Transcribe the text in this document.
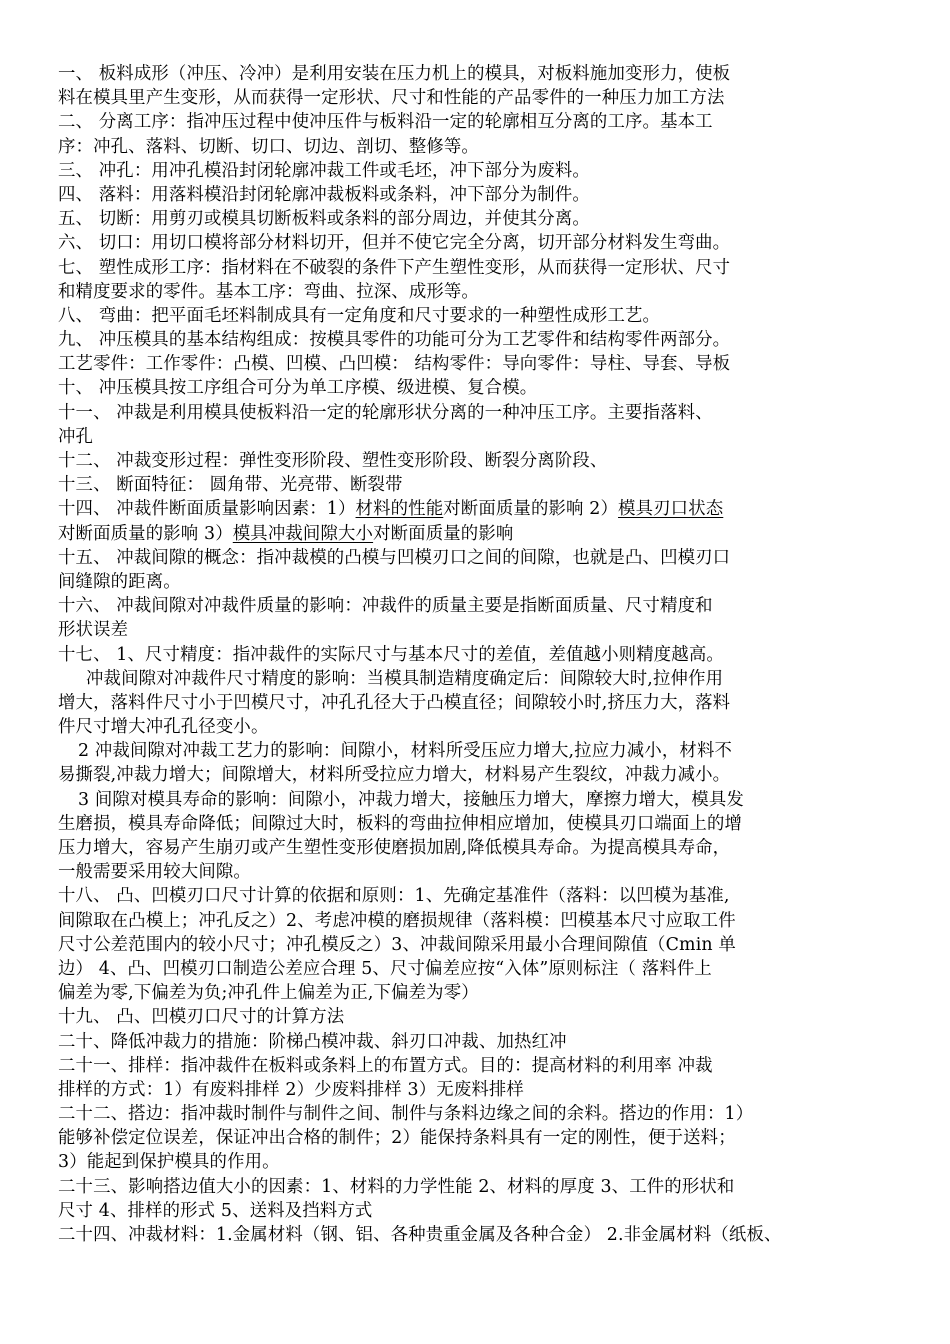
一、 板料成形（冲压、冷冲）是利用安装在压力机上的模具，对板料施加变形力，使板
料在模具里产生变形，从而获得一定形状、尺寸和性能的产品零件的一种压力加工方法
二、 分离工序：指冲压过程中使冲压件与板料沿一定的轮廓相互分离的工序。基本工
序：冲孔、落料、切断、切口、切边、剖切、整修等。
三、 冲孔：用冲孔模沿封闭轮廓冲裁工件或毛坯，冲下部分为废料。
四、 落料：用落料模沿封闭轮廓冲裁板料或条料，冲下部分为制件。
五、 切断：用剪刃或模具切断板料或条料的部分周边，并使其分离。
六、 切口：用切口模将部分材料切开，但并不使它完全分离，切开部分材料发生弯曲。
七、 塑性成形工序：指材料在不破裂的条件下产生塑性变形，从而获得一定形状、尺寸
和精度要求的零件。基本工序：弯曲、拉深、成形等。
八、 弯曲：把平面毛坯料制成具有一定角度和尺寸要求的一种塑性成形工艺。
九、 冲压模具的基本结构组成：按模具零件的功能可分为工艺零件和结构零件两部分。
工艺零件：工作零件：凸模、凹模、凸凹模： 结构零件：导向零件：导柱、导套、导板
十、 冲压模具按工序组合可分为单工序模、级进模、复合模。
十一、 冲裁是利用模具使板料沿一定的轮廓形状分离的一种冲压工序。主要指落料、
冲孔
十二、 冲裁变形过程：弹性变形阶段、塑性变形阶段、断裂分离阶段、
十三、 断面特征： 圆角带、光亮带、断裂带
十四、 冲裁件断面质量影响因素：1）材料的性能对断面质量的影响 2）模具刃口状态
对断面质量的影响 3）模具冲裁间隙大小对断面质量的影响
十五、 冲裁间隙的概念：指冲裁模的凸模与凹模刃口之间的间隙，也就是凸、凹模刃口
间缝隙的距离。
十六、 冲裁间隙对冲裁件质量的影响：冲裁件的质量主要是指断面质量、尺寸精度和
形状误差
十七、 1、尺寸精度：指冲裁件的实际尺寸与基本尺寸的差值，差值越小则精度越高。
冲裁间隙对冲裁件尺寸精度的影响：当模具制造精度确定后：间隙较大时,拉伸作用
增大，落料件尺寸小于凹模尺寸，冲孔孔径大于凸模直径；间隙较小时,挤压力大，落料
件尺寸增大冲孔孔径变小。
2 冲裁间隙对冲裁工艺力的影响：间隙小，材料所受压应力增大,拉应力减小，材料不
易撕裂,冲裁力增大；间隙增大，材料所受拉应力增大，材料易产生裂纹，冲裁力减小。
3 间隙对模具寿命的影响：间隙小，冲裁力增大，接触压力增大，摩擦力增大，模具发
生磨损，模具寿命降低；间隙过大时，板料的弯曲拉伸相应增加，使模具刃口端面上的增
压力增大，容易产生崩刃或产生塑性变形使磨损加剧,降低模具寿命。为提高模具寿命，
一般需要采用较大间隙。
十八、 凸、凹模刃口尺寸计算的依据和原则：1、先确定基准件（落料：以凹模为基准,
间隙取在凸模上；冲孔反之）2、考虑冲模的磨损规律（落料模：凹模基本尺寸应取工件
尺寸公差范围内的较小尺寸；冲孔模反之）3、冲裁间隙采用最小合理间隙值（Cmin 单
边） 4、凸、凹模刃口制造公差应合理 5、尺寸偏差应按“入体”原则标注（ 落料件上
偏差为零,下偏差为负;冲孔件上偏差为正,下偏差为零）
十九、 凸、凹模刃口尺寸的计算方法
二十、降低冲裁力的措施：阶梯凸模冲裁、斜刃口冲裁、加热红冲
二十一、排样：指冲裁件在板料或条料上的布置方式。目的：提高材料的利用率 冲裁
排样的方式：1）有废料排样 2）少废料排样 3）无废料排样
二十二、搭边：指冲裁时制件与制件之间、制件与条料边缘之间的余料。搭边的作用：1）
能够补偿定位误差，保证冲出合格的制件；2）能保持条料具有一定的刚性，便于送料；
3）能起到保护模具的作用。
二十三、影响搭边值大小的因素：1、材料的力学性能 2、材料的厚度 3、工件的形状和
尺寸 4、排样的形式 5、送料及挡料方式
二十四、冲裁材料：1.金属材料（钢、铝、各种贵重金属及各种合金） 2.非金属材料（纸板、
